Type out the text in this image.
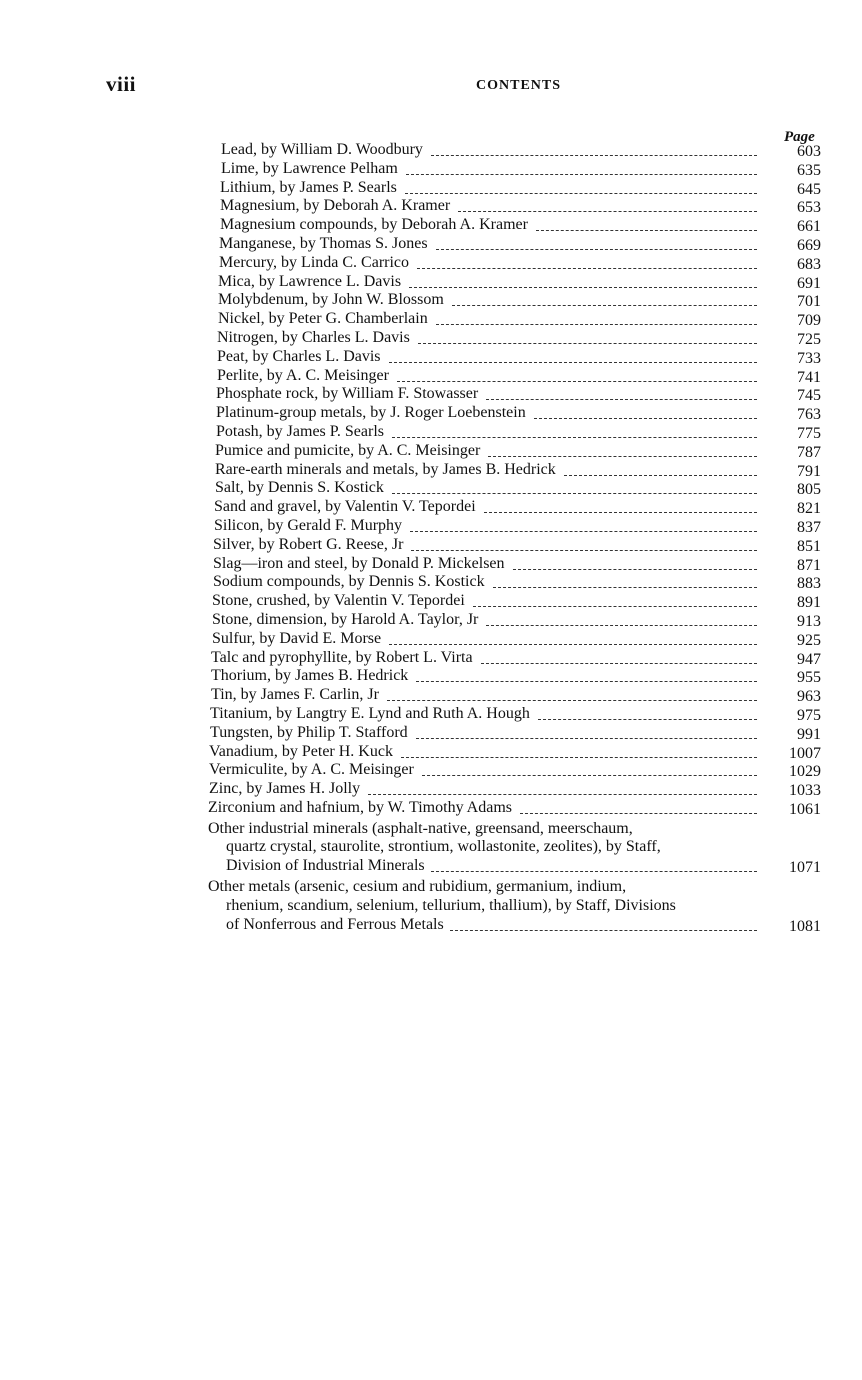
viii	CONTENTS
Page
Lead, by William D. Woodbury	603
Lime, by Lawrence Pelham	635
Lithium, by James P. Searls	645
Magnesium, by Deborah A. Kramer	653
Magnesium compounds, by Deborah A. Kramer	661
Manganese, by Thomas S. Jones	669
Mercury, by Linda C. Carrico	683
Mica, by Lawrence L. Davis	691
Molybdenum, by John W. Blossom	701
Nickel, by Peter G. Chamberlain	709
Nitrogen, by Charles L. Davis	725
Peat, by Charles L. Davis	733
Perlite, by A. C. Meisinger	741
Phosphate rock, by William F. Stowasser	745
Platinum-group metals, by J. Roger Loebenstein	763
Potash, by James P. Searls	775
Pumice and pumicite, by A. C. Meisinger	787
Rare-earth minerals and metals, by James B. Hedrick	791
Salt, by Dennis S. Kostick	805
Sand and gravel, by Valentin V. Tepordei	821
Silicon, by Gerald F. Murphy	837
Silver, by Robert G. Reese, Jr	851
Slag—iron and steel, by Donald P. Mickelsen	871
Sodium compounds, by Dennis S. Kostick	883
Stone, crushed, by Valentin V. Tepordei	891
Stone, dimension, by Harold A. Taylor, Jr	913
Sulfur, by David E. Morse	925
Talc and pyrophyllite, by Robert L. Virta	947
Thorium, by James B. Hedrick	955
Tin, by James F. Carlin, Jr	963
Titanium, by Langtry E. Lynd and Ruth A. Hough	975
Tungsten, by Philip T. Stafford	991
Vanadium, by Peter H. Kuck	1007
Vermiculite, by A. C. Meisinger	1029
Zinc, by James H. Jolly	1033
Zirconium and hafnium, by W. Timothy Adams	1061
Other industrial minerals (asphalt-native, greensand, meerschaum,
quartz crystal, staurolite, strontium, wollastonite, zeolites), by Staff,
Division of Industrial Minerals	1071
Other metals (arsenic, cesium and rubidium, germanium, indium,
rhenium, scandium, selenium, tellurium, thallium), by Staff, Divisions
of Nonferrous and Ferrous Metals	1081
